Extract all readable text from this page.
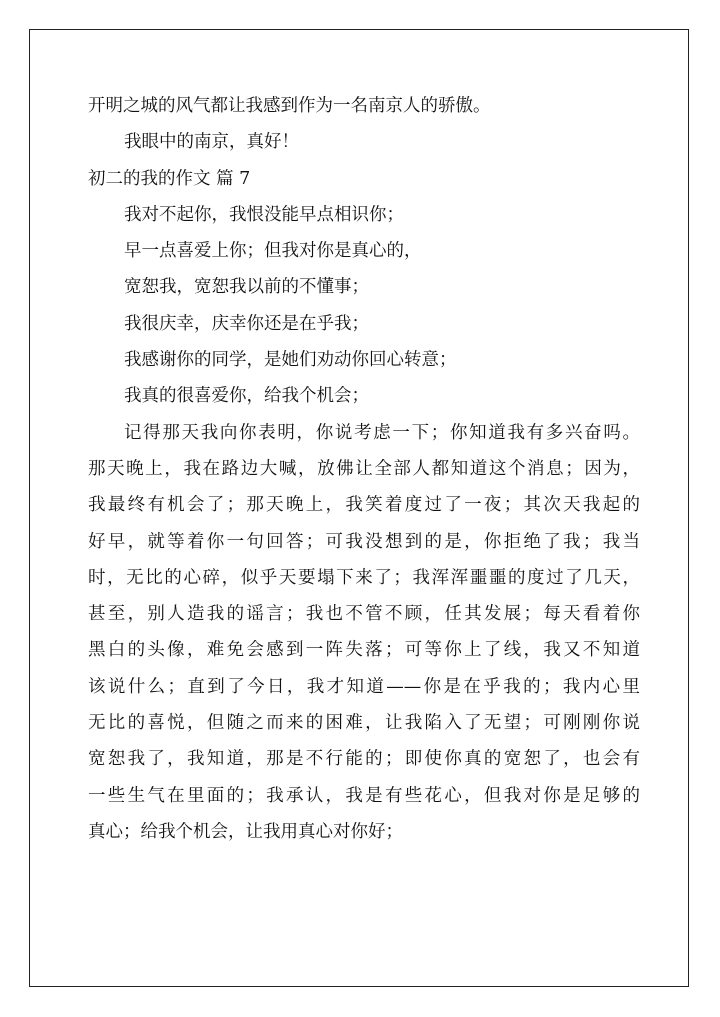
开明之城的风气都让我感到作为一名南京人的骄傲。
我眼中的南京，真好！
初二的我的作文 篇 7
我对不起你，我恨没能早点相识你；
早一点喜爱上你；但我对你是真心的，
宽恕我，宽恕我以前的不懂事；
我很庆幸，庆幸你还是在乎我；
我感谢你的同学，是她们劝动你回心转意；
我真的很喜爱你，给我个机会；
记得那天我向你表明，你说考虑一下；你知道我有多兴奋吗。
那天晚上，我在路边大喊，放佛让全部人都知道这个消息；因为，
我最终有机会了；那天晚上，我笑着度过了一夜；其次天我起的
好早，就等着你一句回答；可我没想到的是，你拒绝了我；我当
时，无比的心碎，似乎天要塌下来了；我浑浑噩噩的度过了几天，
甚至，别人造我的谣言；我也不管不顾，任其发展；每天看着你
黑白的头像，难免会感到一阵失落；可等你上了线，我又不知道
该说什么；直到了今日，我才知道——你是在乎我的；我内心里
无比的喜悦，但随之而来的困难，让我陷入了无望；可刚刚你说
宽恕我了，我知道，那是不行能的；即使你真的宽恕了，也会有
一些生气在里面的；我承认，我是有些花心，但我对你是足够的
真心；给我个机会，让我用真心对你好；
